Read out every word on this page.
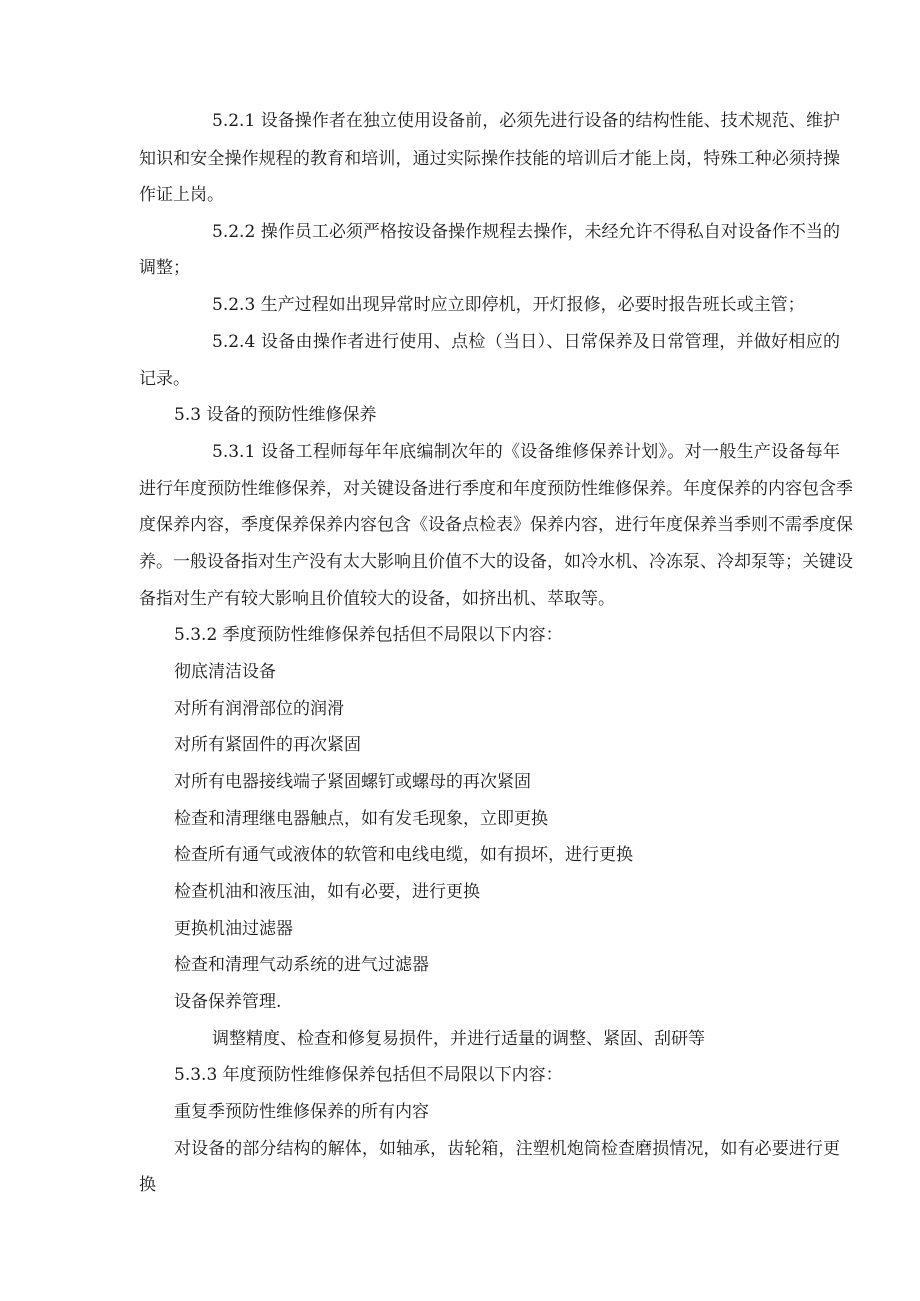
5.2.1 设备操作者在独立使用设备前，必须先进行设备的结构性能、技术规范、维护
知识和安全操作规程的教育和培训，通过实际操作技能的培训后才能上岗，特殊工种必须持操
作证上岗。
5.2.2 操作员工必须严格按设备操作规程去操作，未经允许不得私自对设备作不当的
调整；
5.2.3 生产过程如出现异常时应立即停机，开灯报修，必要时报告班长或主管；
5.2.4 设备由操作者进行使用、点检（当日）、日常保养及日常管理，并做好相应的
记录。
5.3 设备的预防性维修保养
5.3.1 设备工程师每年年底编制次年的《设备维修保养计划》。对一般生产设备每年
进行年度预防性维修保养，对关键设备进行季度和年度预防性维修保养。年度保养的内容包含季
度保养内容，季度保养保养内容包含《设备点检表》保养内容，进行年度保养当季则不需季度保
养。一般设备指对生产没有太大影响且价值不大的设备，如冷水机、冷冻泵、冷却泵等；关键设
备指对生产有较大影响且价值较大的设备，如挤出机、萃取等。
5.3.2 季度预防性维修保养包括但不局限以下内容：
彻底清洁设备
对所有润滑部位的润滑
对所有紧固件的再次紧固
对所有电器接线端子紧固螺钉或螺母的再次紧固
检查和清理继电器触点，如有发毛现象，立即更换
检查所有通气或液体的软管和电线电缆，如有损坏，进行更换
检查机油和液压油，如有必要，进行更换
更换机油过滤器
检查和清理气动系统的进气过滤器
设备保养管理.
调整精度、检查和修复易损件，并进行适量的调整、紧固、刮研等
5.3.3 年度预防性维修保养包括但不局限以下内容：
重复季预防性维修保养的所有内容
对设备的部分结构的解体，如轴承，齿轮箱，注塑机炮筒检查磨损情况，如有必要进行更
换
